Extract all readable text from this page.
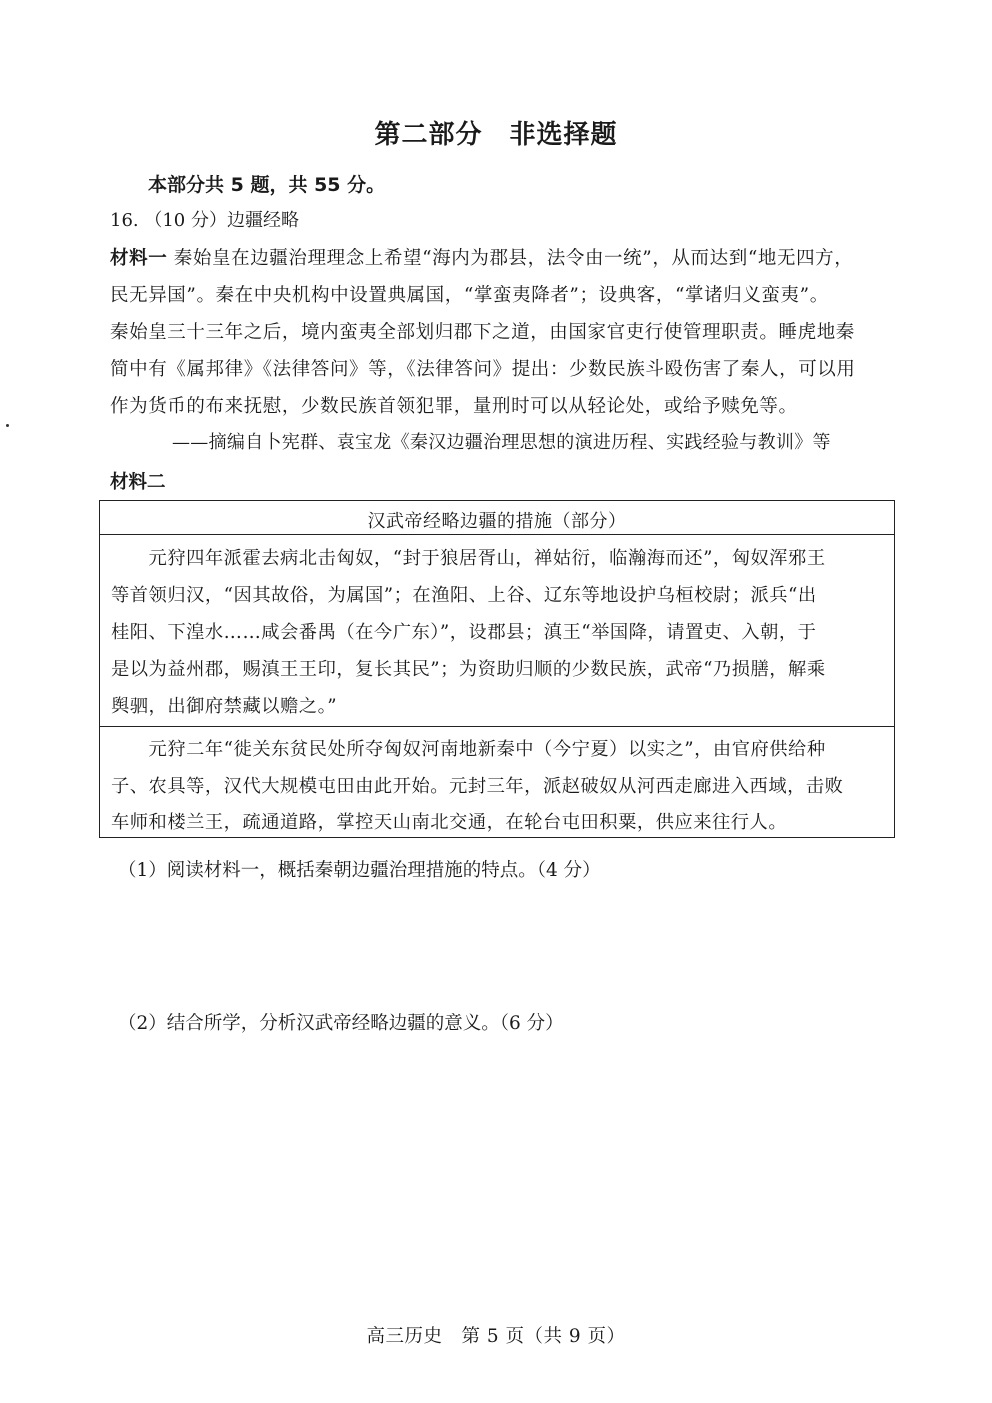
第二部分　非选择题
本部分共 5 题，共 55 分。
16. （10 分）边疆经略
材料一 秦始皇在边疆治理理念上希望“海内为郡县，法令由一统”，从而达到“地无四方，
民无异国”。秦在中央机构中设置典属国，“掌蛮夷降者”；设典客，“掌诸归义蛮夷”。
秦始皇三十三年之后，境内蛮夷全部划归郡下之道，由国家官吏行使管理职责。睡虎地秦
简中有《属邦律》《法律答问》等，《法律答问》提出：少数民族斗殴伤害了秦人，可以用
作为货币的布来抚慰，少数民族首领犯罪，量刑时可以从轻论处，或给予赎免等。
——摘编自卜宪群、袁宝龙《秦汉边疆治理思想的演进历程、实践经验与教训》等
材料二
汉武帝经略边疆的措施（部分）
　　元狩四年派霍去病北击匈奴，“封于狼居胥山，禅姑衍，临瀚海而还”，匈奴浑邪王
等首领归汉，“因其故俗，为属国”；在渔阳、上谷、辽东等地设护乌桓校尉；派兵“出
桂阳、下湟水……咸会番禺（在今广东）”，设郡县；滇王“举国降，请置吏、入朝，于
是以为益州郡，赐滇王王印，复长其民”；为资助归顺的少数民族，武帝“乃损膳，解乘
舆驷，出御府禁藏以赡之。”
　　元狩二年“徙关东贫民处所夺匈奴河南地新秦中（今宁夏）以实之”，由官府供给种
子、农具等，汉代大规模屯田由此开始。元封三年，派赵破奴从河西走廊进入西域，击败
车师和楼兰王，疏通道路，掌控天山南北交通，在轮台屯田积粟，供应来往行人。
（1）阅读材料一，概括秦朝边疆治理措施的特点。（4 分）
（2）结合所学，分析汉武帝经略边疆的意义。（6 分）
高三历史　第 5 页（共 9 页）
